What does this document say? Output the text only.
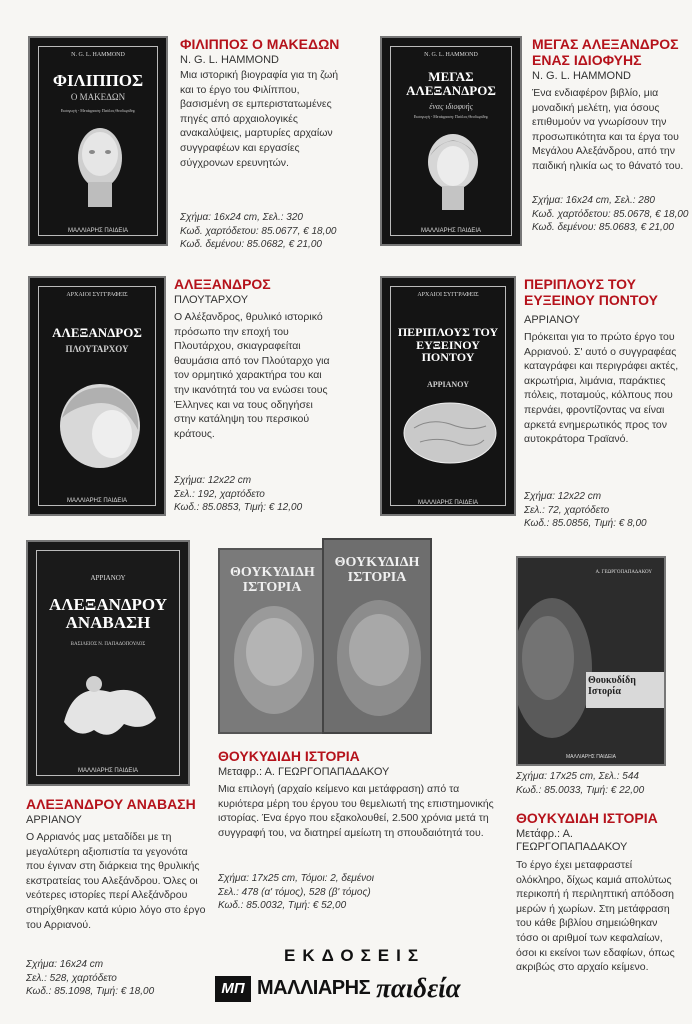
N. G. L. HAMMOND
ΦΙΛΙΠΠΟΣ
Ο ΜΑΚΕΔΩΝ
Εισαγωγή - Μετάφραση: Παύλος Θεοδωρίδης
ΜΑΛΛΙΑΡΗΣ ΠΑΙΔΕΙΑ
ΦΙΛΙΠΠΟΣ Ο ΜΑΚΕΔΩΝ
N. G. L. HAMMOND
Μια ιστορική βιογραφία για τη ζωή και το έργο του Φιλίππου, βασισμένη σε εμπεριστατωμένες πηγές από αρχαιολογικές ανακαλύψεις, μαρτυρίες αρχαίων συγγραφέων και εργασίες σύγχρονων ερευνητών.
Σχήμα: 16x24 cm, Σελ.: 320
Κωδ. χαρτόδετου: 85.0677, € 18,00
Κωδ. δεμένου: 85.0682, € 21,00
N. G. L. HAMMOND
ΜΕΓΑΣ ΑΛΕΞΑΝΔΡΟΣ
ένας ιδιοφυής
Εισαγωγή - Μετάφραση: Παύλος Θεοδωρίδης
ΜΑΛΛΙΑΡΗΣ ΠΑΙΔΕΙΑ
ΜΕΓΑΣ ΑΛΕΞΑΝΔΡΟΣ ΕΝΑΣ ΙΔΙΟΦΥΗΣ
N. G. L. HAMMOND
Ένα ενδιαφέρον βιβλίο, μια μοναδική μελέτη, για όσους επιθυμούν να γνωρίσουν την προσωπικότητα και τα έργα του Μεγάλου Αλεξάνδρου, από την παιδική ηλικία ως το θάνατό του.
Σχήμα: 16x24 cm, Σελ.: 280
Κωδ. χαρτόδετου: 85.0678, € 18,00
Κωδ. δεμένου: 85.0683, € 21,00
ΑΡΧΑΙΟΙ ΣΥΓΓΡΑΦΕΙΣ
ΑΛΕΞΑΝΔΡΟΣ
ΠΛΟΥΤΑΡΧΟΥ
ΜΑΛΛΙΑΡΗΣ ΠΑΙΔΕΙΑ
ΑΛΕΞΑΝΔΡΟΣ
ΠΛΟΥΤΑΡΧΟΥ
Ο Αλέξανδρος, θρυλικό ιστορικό πρόσωπο την εποχή του Πλουτάρχου, σκιαγραφείται θαυμάσια από τον Πλούταρχο για τον ορμητικό χαρακτήρα του και την ικανότητά του να ενώσει τους Έλληνες και να τους οδηγήσει στην κατάληψη του περσικού κράτους.
Σχήμα: 12x22 cm
Σελ.: 192, χαρτόδετο
Κωδ.: 85.0853, Τιμή: € 12,00
ΑΡΧΑΙΟΙ ΣΥΓΓΡΑΦΕΙΣ
ΠΕΡΙΠΛΟΥΣ ΤΟΥ ΕΥΞΕΙΝΟΥ ΠΟΝΤΟΥ
ΑΡΡΙΑΝΟΥ
ΜΑΛΛΙΑΡΗΣ ΠΑΙΔΕΙΑ
ΠΕΡΙΠΛΟΥΣ ΤΟΥ ΕΥΞΕΙΝΟΥ ΠΟΝΤΟΥ
ΑΡΡΙΑΝΟΥ
Πρόκειται για το πρώτο έργο του Αρριανού. Σ' αυτό ο συγγραφέας καταγράφει και περιγράφει ακτές, ακρωτήρια, λιμάνια, παράκτιες πόλεις, ποταμούς, κόλπους που περνάει, φροντίζοντας να είναι αρκετά ενημερωτικός προς τον αυτοκράτορα Τραϊανό.
Σχήμα: 12x22 cm
Σελ.: 72, χαρτόδετο
Κωδ.: 85.0856, Τιμή: € 8,00
ΑΡΡΙΑΝΟΥ
ΑΛΕΞΑΝΔΡΟΥ ΑΝΑΒΑΣΗ
ΒΑΣΙΛΕΙΟΣ Ν. ΠΑΠΑΔΟΠΟΥΛΟΣ
ΜΑΛΛΙΑΡΗΣ ΠΑΙΔΕΙΑ
ΑΛΕΞΑΝΔΡΟΥ ΑΝΑΒΑΣΗ
ΑΡΡΙΑΝΟΥ
Ο Αρριανός μας μεταδίδει με τη μεγαλύτερη αξιοπιστία τα γεγονότα που έγιναν στη διάρκεια της θρυλικής εκστρατείας του Αλεξάνδρου. Όλες οι νεότερες ιστορίες περί Αλεξάνδρου στηρίχθηκαν κατά κύριο λόγο στο έργο του Αρριανού.
Σχήμα: 16x24 cm
Σελ.: 528, χαρτόδετο
Κωδ.: 85.1098, Τιμή: € 18,00
ΘΟΥΚΥΔΙΔΗ ΙΣΤΟΡΙΑ
ΘΟΥΚΥΔΙΔΗ ΙΣΤΟΡΙΑ
ΘΟΥΚΥΔΙΔΗ ΙΣΤΟΡΙΑ
Μεταφρ.: Α. ΓΕΩΡΓΟΠΑΠΑΔΑΚΟΥ
Μια επιλογή (αρχαίο κείμενο και μετάφραση) από τα κυριότερα μέρη του έργου του θεμελιωτή της επιστημονικής ιστορίας. Ένα έργο που εξακολουθεί, 2.500 χρόνια μετά τη συγγραφή του, να διατηρεί αμείωτη τη σπουδαιότητά του.
Σχήμα: 17x25 cm, Τόμοι: 2, δεμένοι
Σελ.: 478 (α' τόμος), 528 (β' τόμος)
Κωδ.: 85.0032, Τιμή: € 52,00
Α. ΓΕΩΡΓΟΠΑΠΑΔΑΚΟΥ
Θουκυδίδη Ιστορία
ΜΑΛΛΙΑΡΗΣ ΠΑΙΔΕΙΑ
Σχήμα: 17x25 cm, Σελ.: 544
Κωδ.: 85.0033, Τιμή: € 22,00
ΘΟΥΚΥΔΙΔΗ ΙΣΤΟΡΙΑ
Μετάφρ.: Α. ΓΕΩΡΓΟΠΑΠΑΔΑΚΟΥ
Το έργο έχει μεταφραστεί ολόκληρο, δίχως καμιά απολύτως περικοπή ή περιληπτική απόδοση μερών ή χωρίων. Στη μετάφραση του κάθε βιβλίου σημειώθηκαν τόσο οι αριθμοί των κεφαλαίων, όσοι κι εκείνοι των εδαφίων, όπως ακριβώς στο αρχαίο κείμενο.
ΕΚΔΟΣΕΙΣ
ΜΠ ΜΑΛΛΙΑΡΗΣ παιδεία
